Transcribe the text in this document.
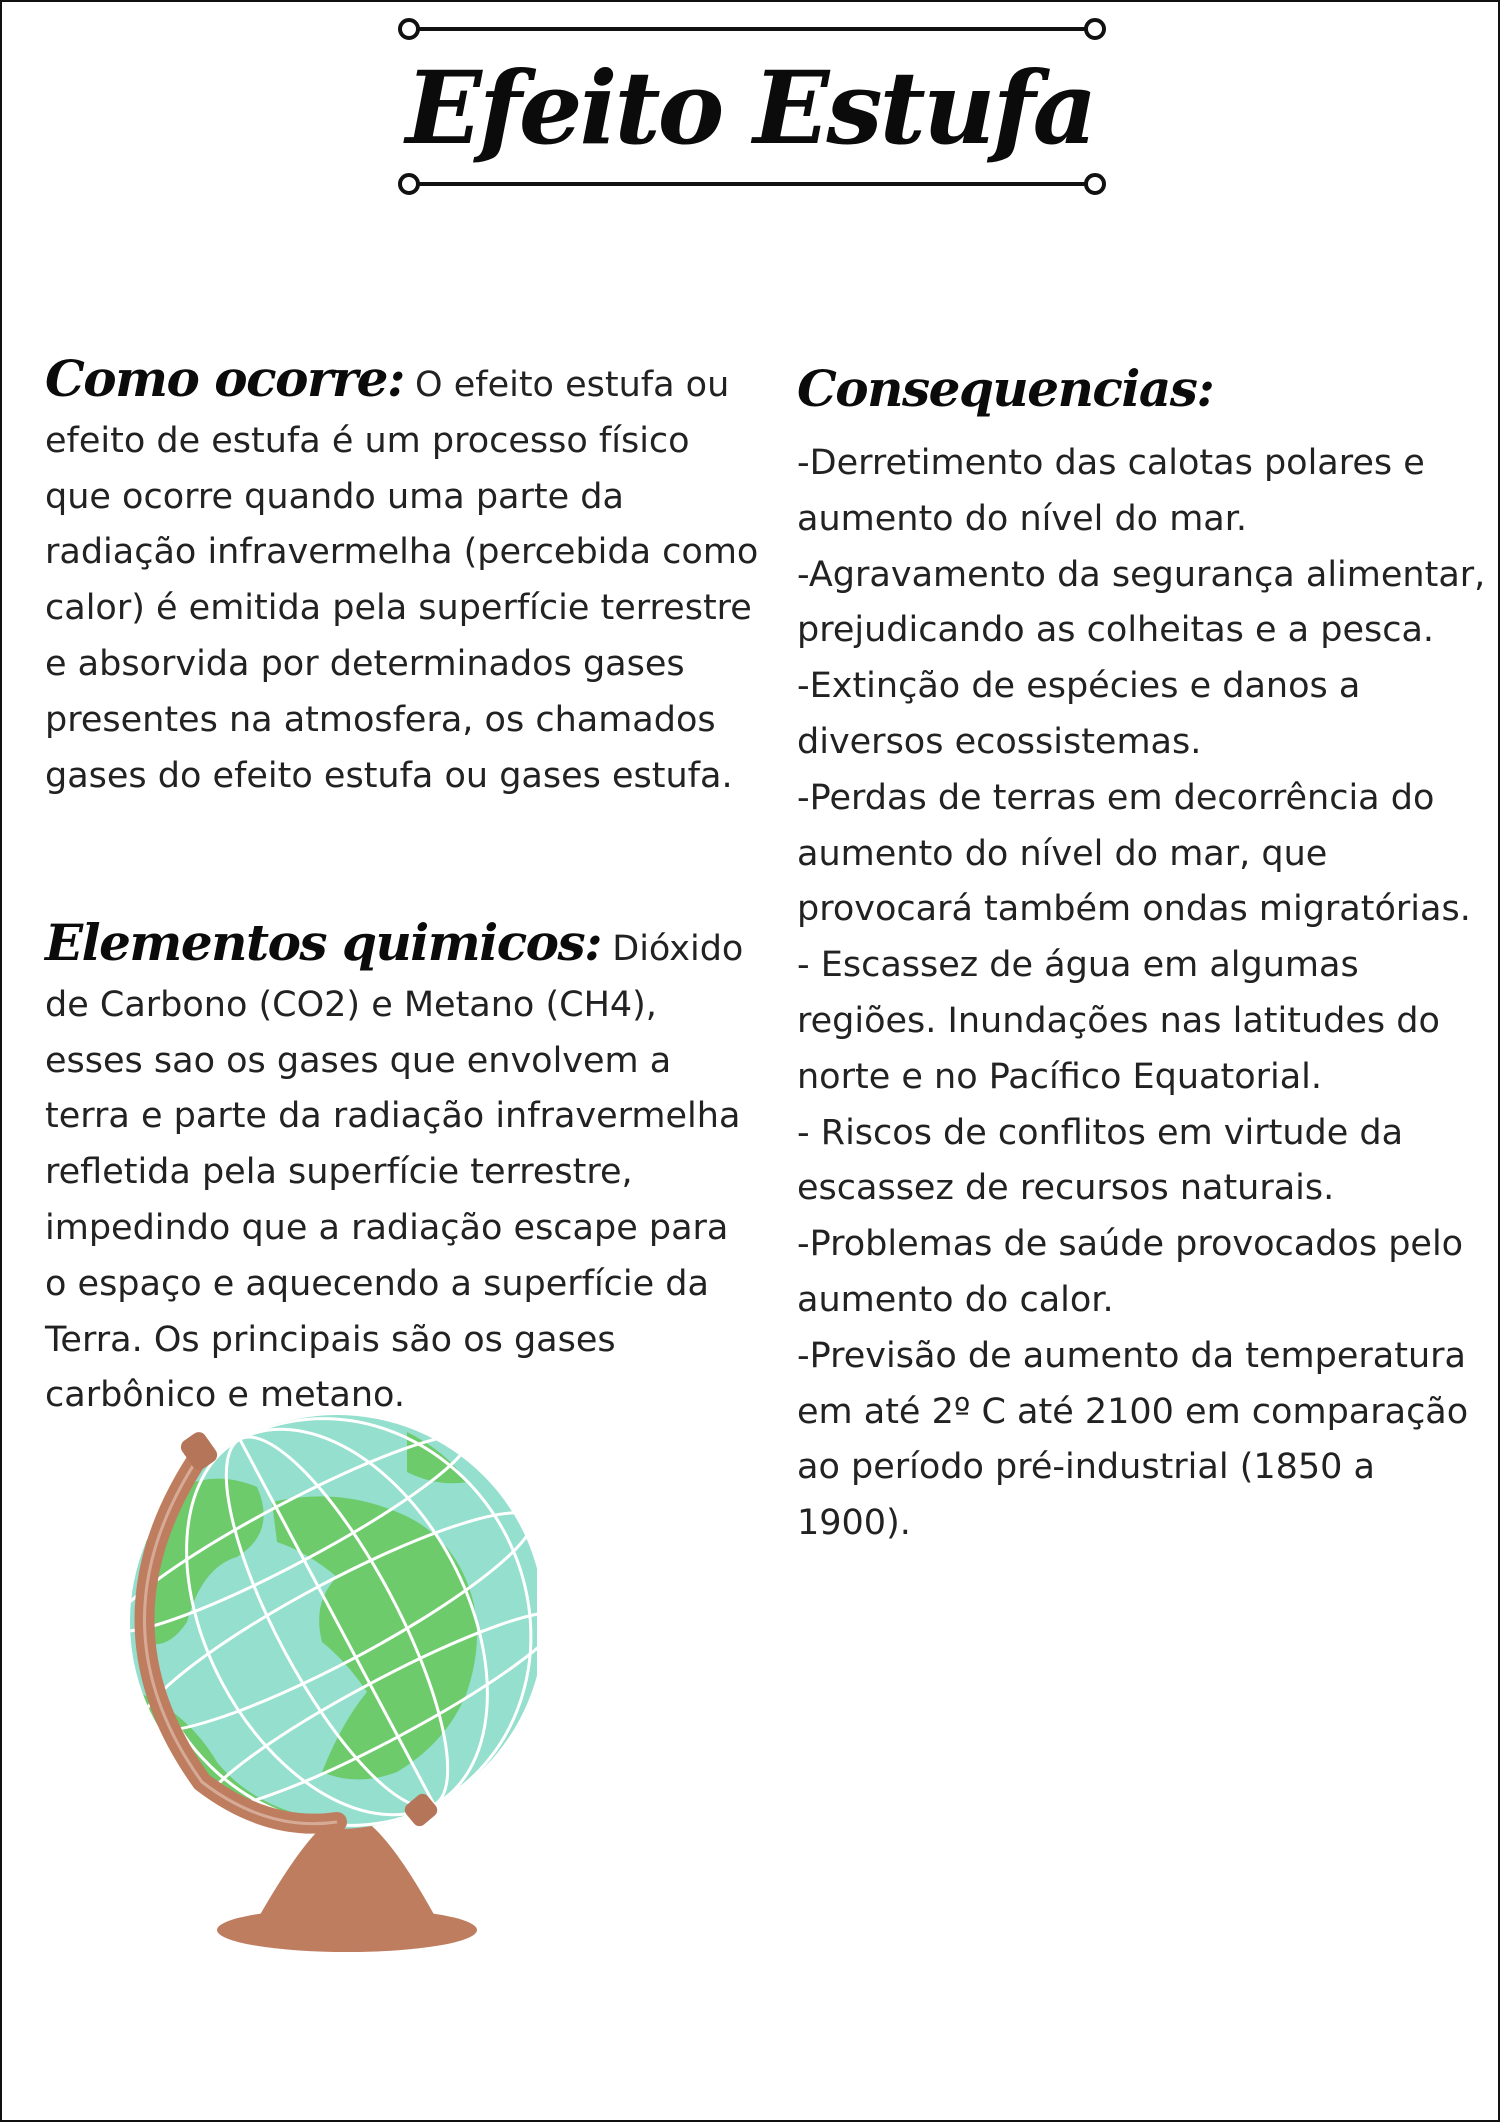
Efeito Estufa

Como ocorre: O efeito estufa ou efeito de estufa é um processo físico que ocorre quando uma parte da radiação infravermelha (percebida como calor) é emitida pela superfície terrestre e absorvida por determinados gases presentes na atmosfera, os chamados gases do efeito estufa ou gases estufa.

Elementos quimicos: Dióxido de Carbono (CO2) e Metano (CH4), esses sao os gases que envolvem a terra e parte da radiação infravermelha refletida pela superfície terrestre, impedindo que a radiação escape para o espaço e aquecendo a superfície da Terra. Os principais são os gases carbônico e metano.

Consequencias:

-Derretimento das calotas polares e aumento do nível do mar.

-Agravamento da segurança alimentar, prejudicando as colheitas e a pesca.

-Extinção de espécies e danos a diversos ecossistemas.

-Perdas de terras em decorrência do aumento do nível do mar, que provocará também ondas migratórias.

- Escassez de água em algumas regiões. Inundações nas latitudes do norte e no Pacífico Equatorial.

- Riscos de conflitos em virtude da escassez de recursos naturais.

-Problemas de saúde provocados pelo aumento do calor.

-Previsão de aumento da temperatura em até 2º C até 2100 em comparação ao período pré-industrial (1850 a 1900).
